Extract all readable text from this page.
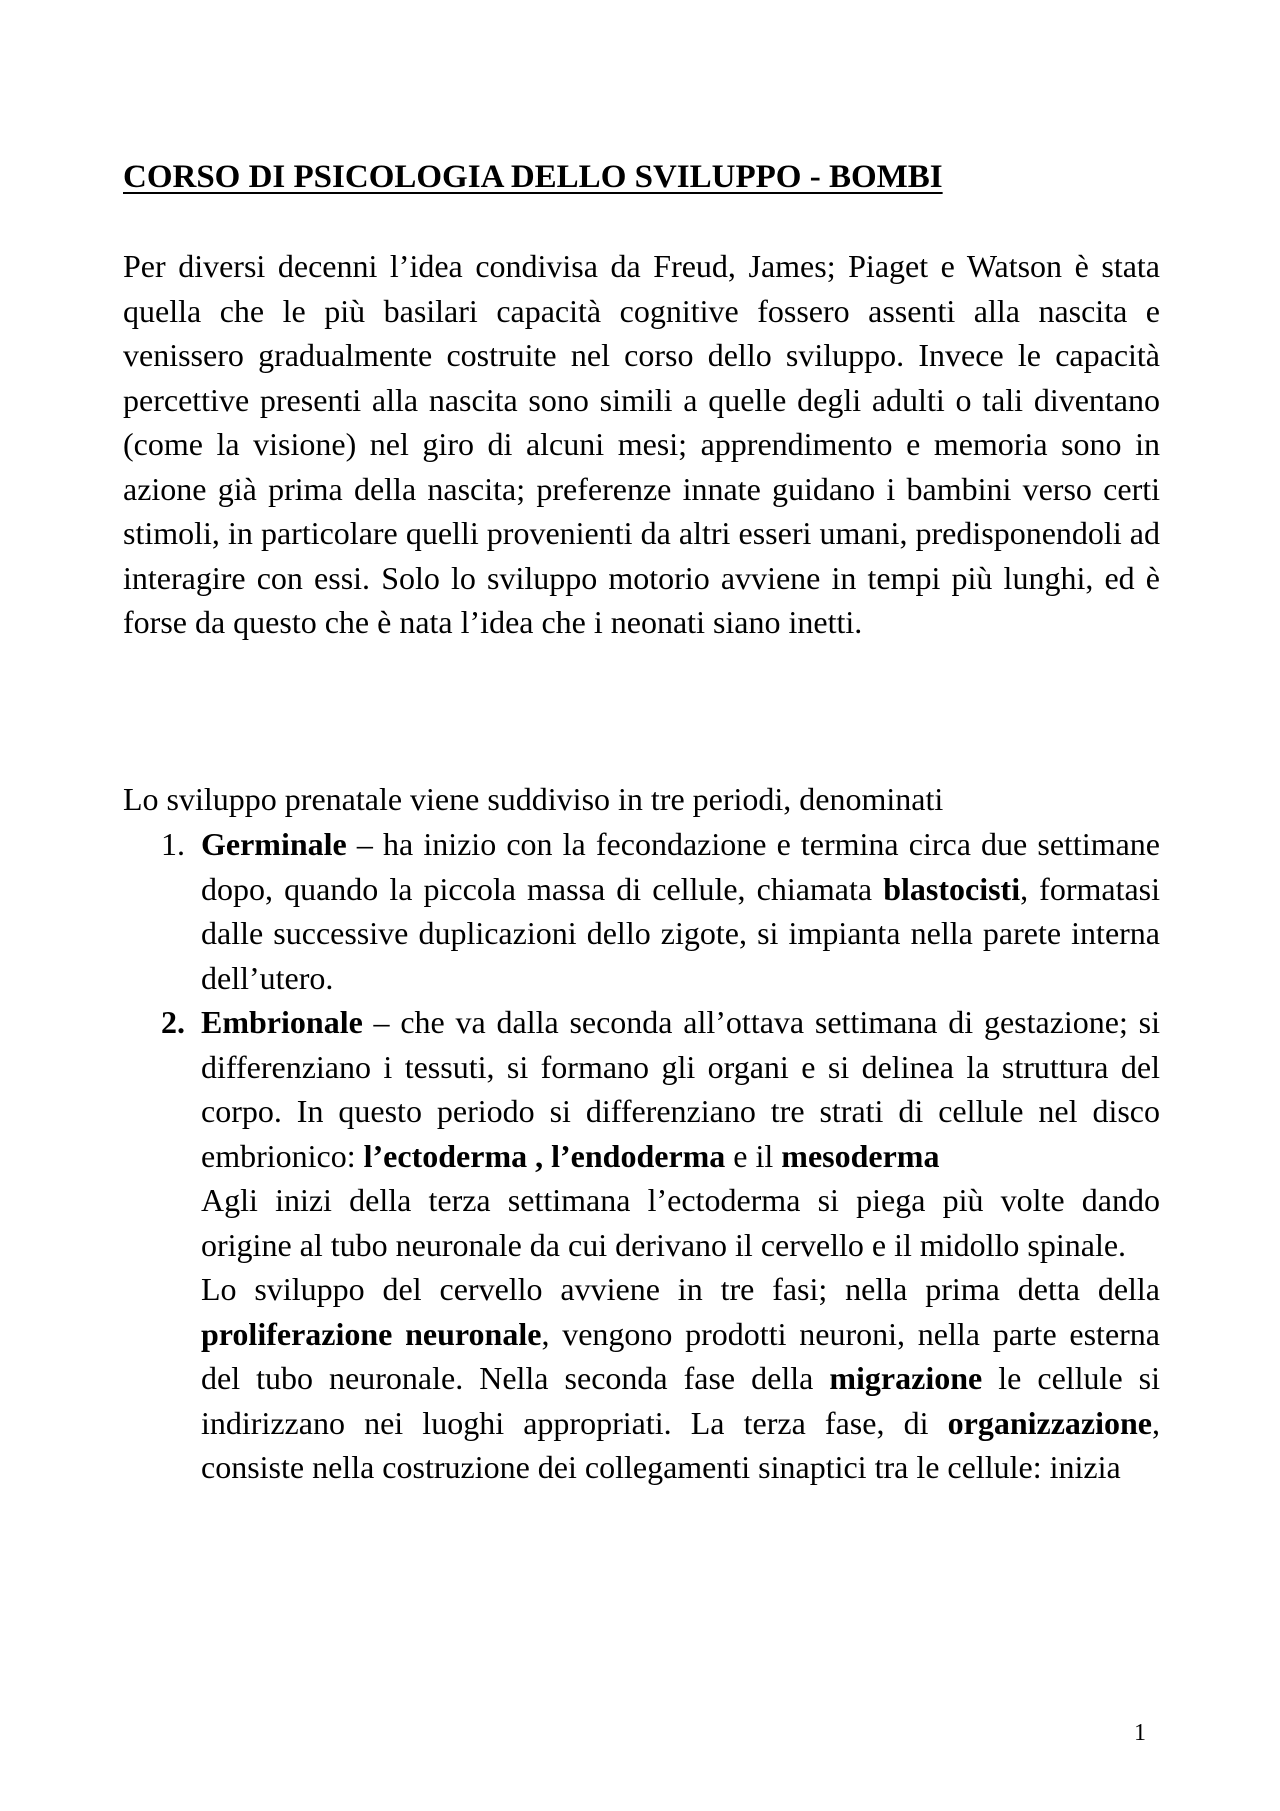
CORSO DI PSICOLOGIA DELLO SVILUPPO - BOMBI

Per diversi decenni l’idea condivisa da Freud, James; Piaget e Watson è stata quella che le più basilari capacità cognitive fossero assenti alla nascita e venissero gradualmente costruite nel corso dello sviluppo. Invece le capacità percettive presenti alla nascita sono simili a quelle degli adulti o tali diventano (come la visione) nel giro di alcuni mesi; apprendimento e memoria sono in azione già prima della nascita; preferenze innate guidano i bambini verso certi stimoli, in particolare quelli provenienti da altri esseri umani, predisponendoli ad interagire con essi. Solo lo sviluppo motorio avviene in tempi più lunghi, ed è forse da questo che è nata l’idea che i neonati siano inetti.

Lo sviluppo prenatale viene suddiviso in tre periodi, denominati

1. Germinale – ha inizio con la fecondazione e termina circa due settimane dopo, quando la piccola massa di cellule, chiamata blastocisti, formatasi dalle successive duplicazioni dello zigote, si impianta nella parete interna dell’utero.

2. Embrionale – che va dalla seconda all’ottava settimana di gestazione; si differenziano i tessuti, si formano gli organi e si delinea la struttura del corpo. In questo periodo si differenziano tre strati di cellule nel disco embrionico: l’ectoderma , l’endoderma e il mesoderma

Agli inizi della terza settimana l’ectoderma si piega più volte dando origine al tubo neuronale da cui derivano il cervello e il midollo spinale.

Lo sviluppo del cervello avviene in tre fasi; nella prima detta della proliferazione neuronale, vengono prodotti neuroni, nella parte esterna del tubo neuronale. Nella seconda fase della migrazione le cellule si indirizzano nei luoghi appropriati. La terza fase, di organizzazione, consiste nella costruzione dei collegamenti sinaptici tra le cellule: inizia

1
